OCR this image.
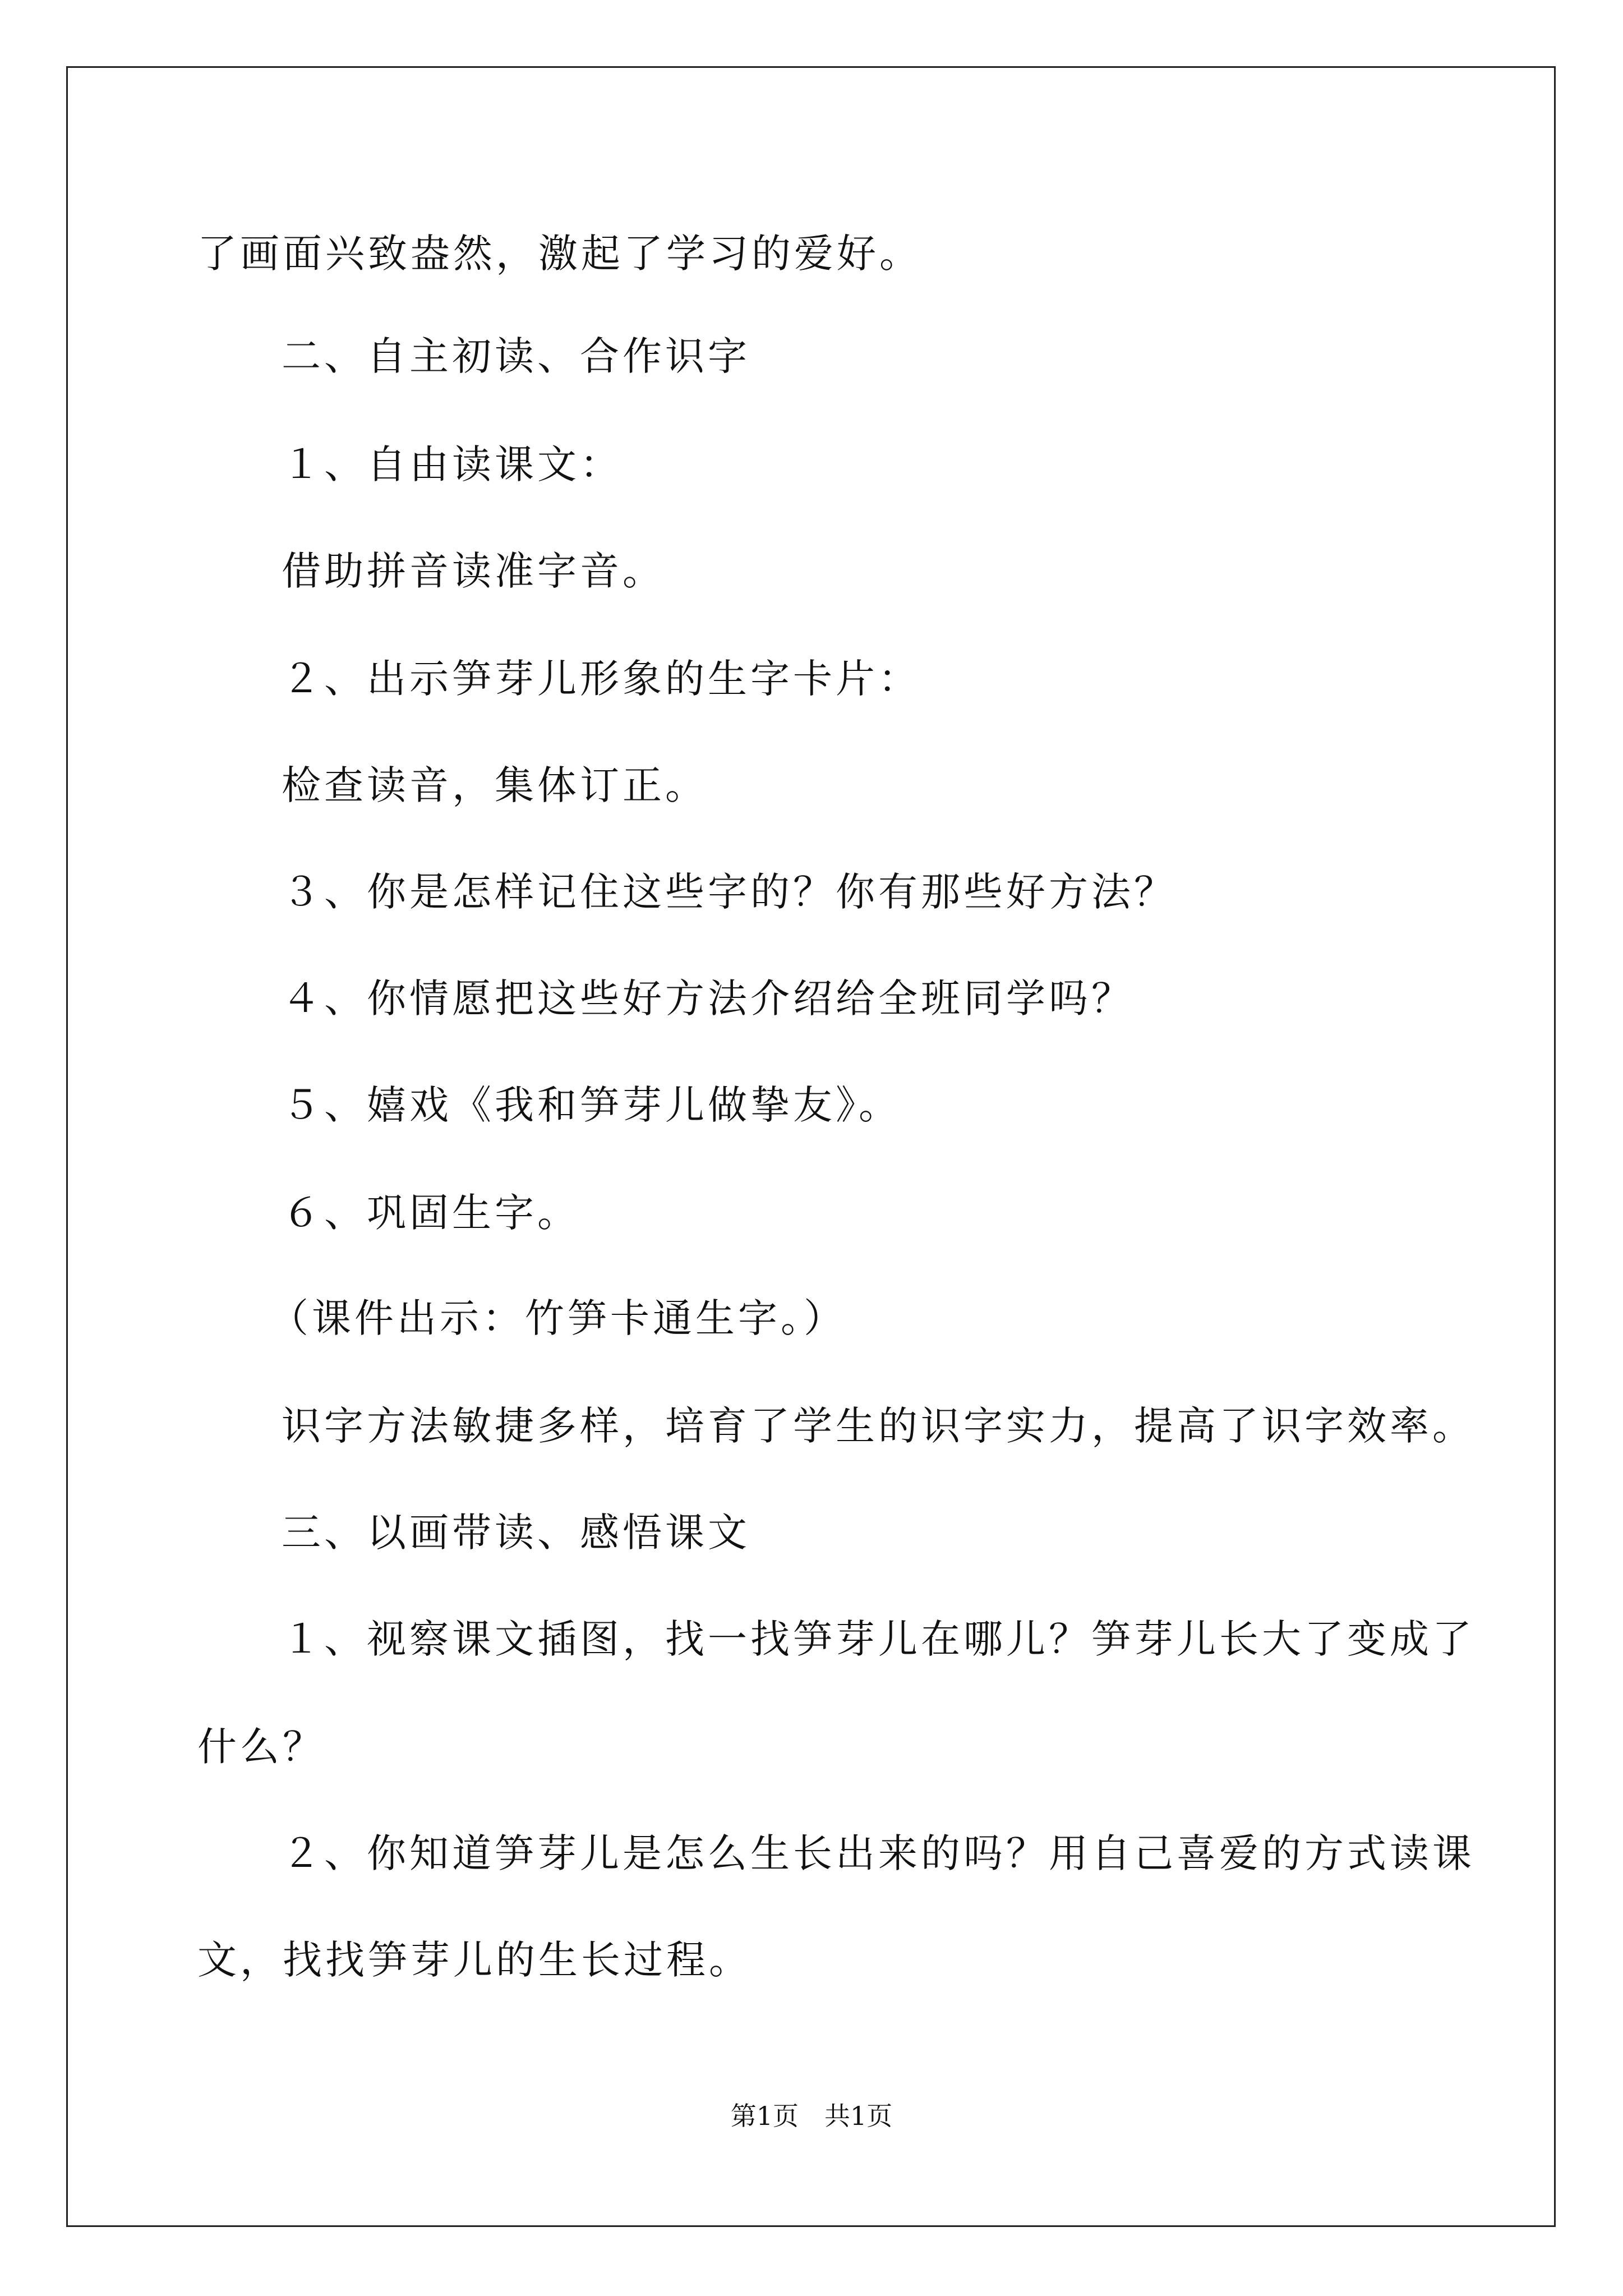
了画面兴致盎然，激起了学习的爱好。
二、自主初读、合作识字
１、自由读课文：
借助拼音读准字音。
２、出示笋芽儿形象的生字卡片：
检查读音，集体订正。
３、你是怎样记住这些字的？你有那些好方法？
４、你情愿把这些好方法介绍给全班同学吗？
５、嬉戏《我和笋芽儿做挚友》。
６、巩固生字。
（课件出示：竹笋卡通生字。）
识字方法敏捷多样，培育了学生的识字实力，提高了识字效率。
三、以画带读、感悟课文
１、视察课文插图，找一找笋芽儿在哪儿？笋芽儿长大了变成了
什么？
２、你知道笋芽儿是怎么生长出来的吗？用自己喜爱的方式读课
文，找找笋芽儿的生长过程。
第1页　共1页
